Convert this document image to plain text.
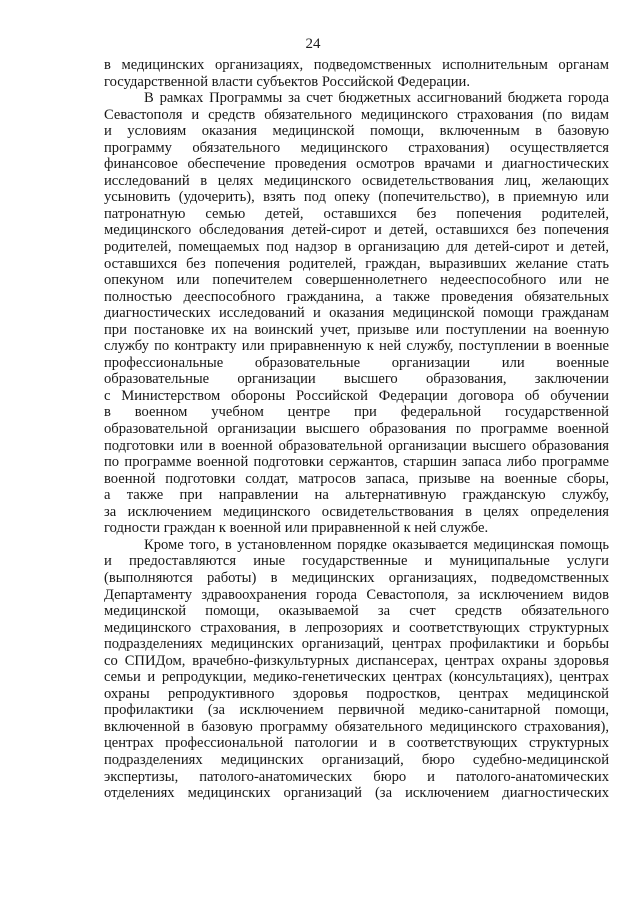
24
в медицинских организациях, подведомственных исполнительным органам
государственной власти субъектов Российской Федерации.
В рамках Программы за счет бюджетных ассигнований бюджета города
Севастополя и средств обязательного медицинского страхования (по видам
и условиям оказания медицинской помощи, включенным в базовую
программу обязательного медицинского страхования) осуществляется
финансовое обеспечение проведения осмотров врачами и диагностических
исследований в целях медицинского освидетельствования лиц, желающих
усыновить (удочерить), взять под опеку (попечительство), в приемную или
патронатную семью детей, оставшихся без попечения родителей,
медицинского обследования детей-сирот и детей, оставшихся без попечения
родителей, помещаемых под надзор в организацию для детей-сирот и детей,
оставшихся без попечения родителей, граждан, выразивших желание стать
опекуном или попечителем совершеннолетнего недееспособного или не
полностью дееспособного гражданина, а также проведения обязательных
диагностических исследований и оказания медицинской помощи гражданам
при постановке их на воинский учет, призыве или поступлении на военную
службу по контракту или приравненную к ней службу, поступлении в военные
профессиональные образовательные организации или военные
образовательные организации высшего образования, заключении
с Министерством обороны Российской Федерации договора об обучении
в военном учебном центре при федеральной государственной
образовательной организации высшего образования по программе военной
подготовки или в военной образовательной организации высшего образования
по программе военной подготовки сержантов, старшин запаса либо программе
военной подготовки солдат, матросов запаса, призыве на военные сборы,
а также при направлении на альтернативную гражданскую службу,
за исключением медицинского освидетельствования в целях определения
годности граждан к военной или приравненной к ней службе.
Кроме того, в установленном порядке оказывается медицинская помощь
и предоставляются иные государственные и муниципальные услуги
(выполняются работы) в медицинских организациях, подведомственных
Департаменту здравоохранения города Севастополя, за исключением видов
медицинской помощи, оказываемой за счет средств обязательного
медицинского страхования, в лепрозориях и соответствующих структурных
подразделениях медицинских организаций, центрах профилактики и борьбы
со СПИДом, врачебно-физкультурных диспансерах, центрах охраны здоровья
семьи и репродукции, медико-генетических центрах (консультациях), центрах
охраны репродуктивного здоровья подростков, центрах медицинской
профилактики (за исключением первичной медико-санитарной помощи,
включенной в базовую программу обязательного медицинского страхования),
центрах профессиональной патологии и в соответствующих структурных
подразделениях медицинских организаций, бюро судебно-медицинской
экспертизы, патолого-анатомических бюро и патолого-анатомических
отделениях медицинских организаций (за исключением диагностических
